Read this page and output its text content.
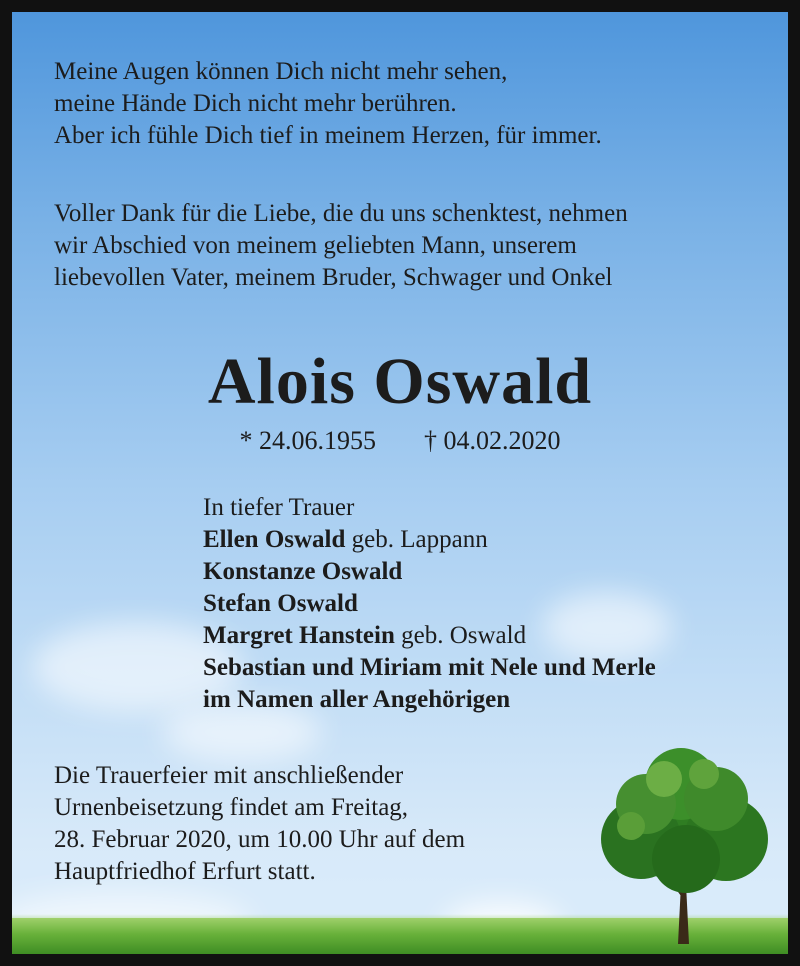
Meine Augen können Dich nicht mehr sehen,
meine Hände Dich nicht mehr berühren.
Aber ich fühle Dich tief in meinem Herzen, für immer.
Voller Dank für die Liebe, die du uns schenktest, nehmen
wir Abschied von meinem geliebten Mann, unserem
liebevollen Vater, meinem Bruder, Schwager und Onkel
Alois Oswald
* 24.06.1955 † 04.02.2020
In tiefer Trauer
Ellen Oswald geb. Lappann
Konstanze Oswald
Stefan Oswald
Margret Hanstein geb. Oswald
Sebastian und Miriam mit Nele und Merle
im Namen aller Angehörigen
Die Trauerfeier mit anschließender
Urnenbeisetzung findet am Freitag,
28. Februar 2020, um 10.00 Uhr auf dem
Hauptfriedhof Erfurt statt.
